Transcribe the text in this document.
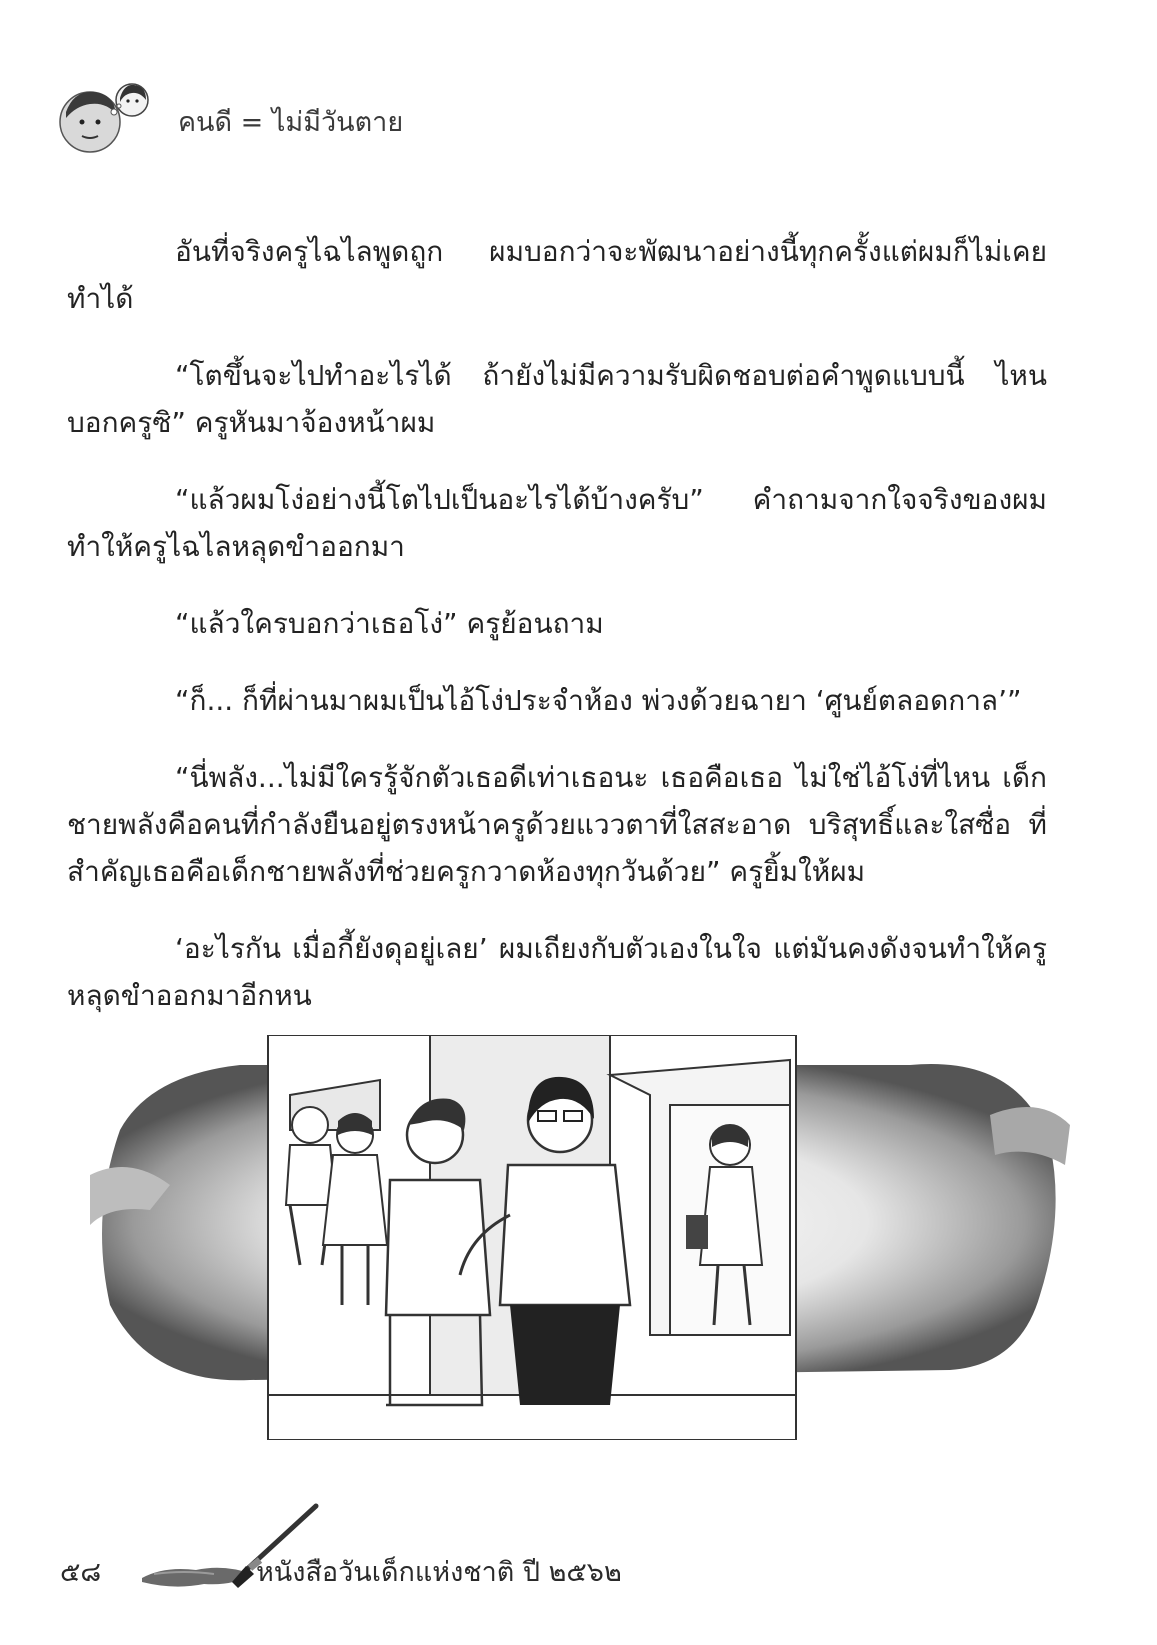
คนดี = ไม่มีวันตาย

อันที่จริงครูไฉไลพูดถูก ผมบอกว่าจะพัฒนาอย่างนี้ทุกครั้งแต่ผมก็ไม่เคยทำได้

“โตขึ้นจะไปทำอะไรได้ ถ้ายังไม่มีความรับผิดชอบต่อคำพูดแบบนี้ ไหนบอกครูซิ” ครูหันมาจ้องหน้าผม

“แล้วผมโง่อย่างนี้โตไปเป็นอะไรได้บ้างครับ” คำถามจากใจจริงของผมทำให้ครูไฉไลหลุดขำออกมา

“แล้วใครบอกว่าเธอโง่” ครูย้อนถาม

“ก็... ก็ที่ผ่านมาผมเป็นไอ้โง่ประจำห้อง พ่วงด้วยฉายา ‘ศูนย์ตลอดกาล’”

“นี่พลัง...ไม่มีใครรู้จักตัวเธอดีเท่าเธอนะ เธอคือเธอ ไม่ใช่ไอ้โง่ที่ไหน เด็กชายพลังคือคนที่กำลังยืนอยู่ตรงหน้าครูด้วยแววตาที่ใสสะอาด บริสุทธิ์และใสซื่อ ที่สำคัญเธอคือเด็กชายพลังที่ช่วยครูกวาดห้องทุกวันด้วย” ครูยิ้มให้ผม

‘อะไรกัน เมื่อกี้ยังดุอยู่เลย’ ผมเถียงกับตัวเองในใจ แต่มันคงดังจนทำให้ครูหลุดขำออกมาอีกหน

๕๘	หนังสือวันเด็กแห่งชาติ ปี ๒๕๖๒
